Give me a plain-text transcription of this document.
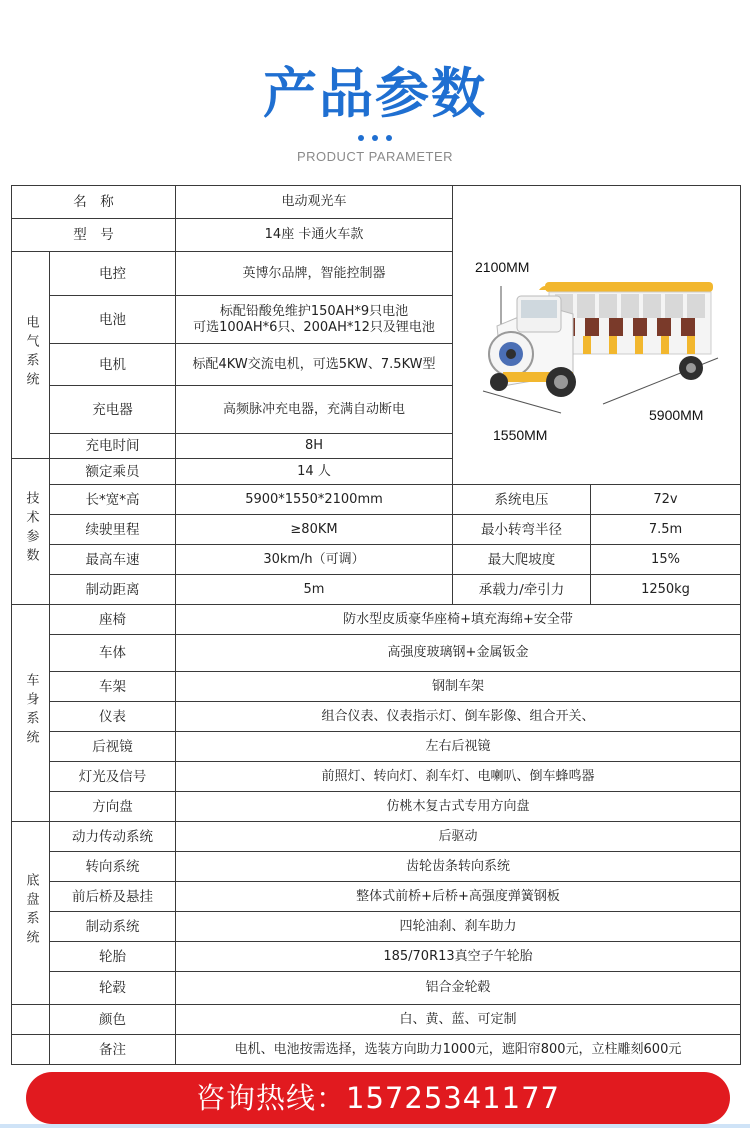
产品参数
PRODUCT PARAMETER
名　称		电动观光车	2100MM
5900MM
1550MM	

型　号		14座 卡通火车款		
电气系统	电控	英博尔品牌，智能控制器		
	电池	标配铅酸免维护150AH*9只电池
可选100AH*6只、200AH*12只及锂电池		

	电机	标配4KW交流电机，可选5KW、7.5KW型		
	充电器	高频脉冲充电器，充满自动断电		
	充电时间	8H		
技术参数	额定乘员	14 人		
	长*宽*高	5900*1550*2100mm	系统电压	72v
	续驶里程	≥80KM	最小转弯半径	7.5m
	最高车速	30km/h（可调）	最大爬坡度	15%
	制动距离	5m	承载力/牵引力	1250kg
车身系统	座椅	防水型皮质豪华座椅+填充海绵+安全带		
	车体	高强度玻璃钢+金属钣金		
	车架	钢制车架		
	仪表	组合仪表、仪表指示灯、倒车影像、组合开关、		
	后视镜	左右后视镜		
	灯光及信号	前照灯、转向灯、刹车灯、电喇叭、倒车蜂鸣器		
	方向盘	仿桃木复古式专用方向盘		
底盘系统	动力传动系统	后驱动		
	转向系统	齿轮齿条转向系统		
	前后桥及悬挂	整体式前桥+后桥+高强度弹簧钢板		
	制动系统	四轮油刹、刹车助力		
	轮胎	185/70R13真空子午轮胎		
	轮毂	铝合金轮毂		
	颜色	白、黄、蓝、可定制		
	备注	电机、电池按需选择，选装方向助力1000元，遮阳帘800元，立柱雕刻600元		
咨询热线：15725341177
